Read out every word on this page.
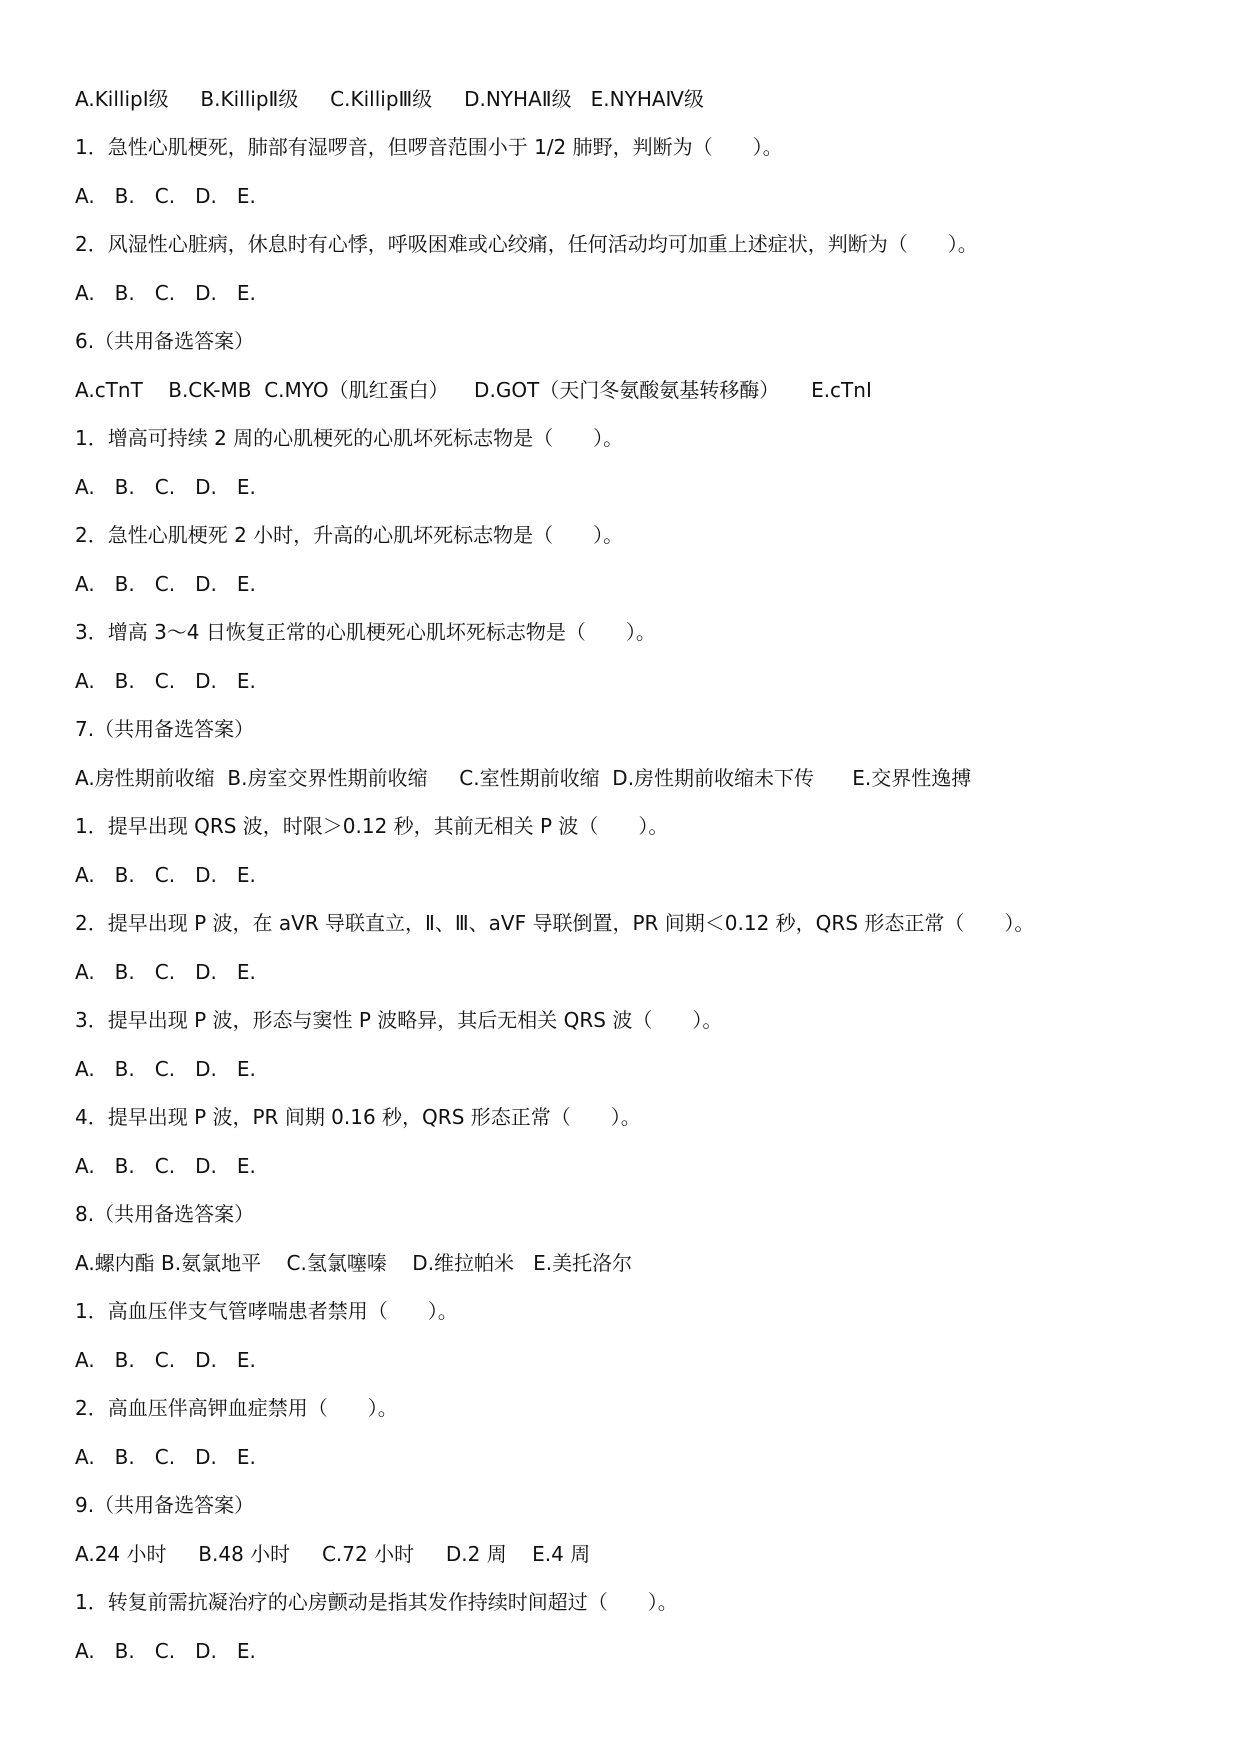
A.KillipⅠ级     B.KillipⅡ级     C.KillipⅢ级     D.NYHAⅡ级   E.NYHAⅣ级
1．急性心肌梗死，肺部有湿啰音，但啰音范围小于 1/2 肺野，判断为（　　）。
A.　B.　C.　D.　E.
2．风湿性心脏病，休息时有心悸，呼吸困难或心绞痛，任何活动均可加重上述症状，判断为（　　）。
A.　B.　C.　D.　E.
6.（共用备选答案）
A.cTnT    B.CK-MB  C.MYO（肌红蛋白）    D.GOT（天门冬氨酸氨基转移酶）     E.cTnI
1．增高可持续 2 周的心肌梗死的心肌坏死标志物是（　　）。
A.　B.　C.　D.　E.
2．急性心肌梗死 2 小时，升高的心肌坏死标志物是（　　）。
A.　B.　C.　D.　E.
3．增高 3～4 日恢复正常的心肌梗死心肌坏死标志物是（　　）。
A.　B.　C.　D.　E.
7.（共用备选答案）
A.房性期前收缩  B.房室交界性期前收缩     C.室性期前收缩  D.房性期前收缩未下传      E.交界性逸搏
1．提早出现 QRS 波，时限＞0.12 秒，其前无相关 P 波（　　）。
A.　B.　C.　D.　E.
2．提早出现 P 波，在 aVR 导联直立，Ⅱ、Ⅲ、aVF 导联倒置，PR 间期＜0.12 秒，QRS 形态正常（　　）。
A.　B.　C.　D.　E.
3．提早出现 P 波，形态与窦性 P 波略异，其后无相关 QRS 波（　　）。
A.　B.　C.　D.　E.
4．提早出现 P 波，PR 间期 0.16 秒，QRS 形态正常（　　）。
A.　B.　C.　D.　E.
8.（共用备选答案）
A.螺内酯 B.氨氯地平    C.氢氯噻嗪    D.维拉帕米   E.美托洛尔
1．高血压伴支气管哮喘患者禁用（　　）。
A.　B.　C.　D.　E.
2．高血压伴高钾血症禁用（　　）。
A.　B.　C.　D.　E.
9.（共用备选答案）
A.24 小时     B.48 小时     C.72 小时     D.2 周    E.4 周
1．转复前需抗凝治疗的心房颤动是指其发作持续时间超过（　　）。
A.　B.　C.　D.　E.
